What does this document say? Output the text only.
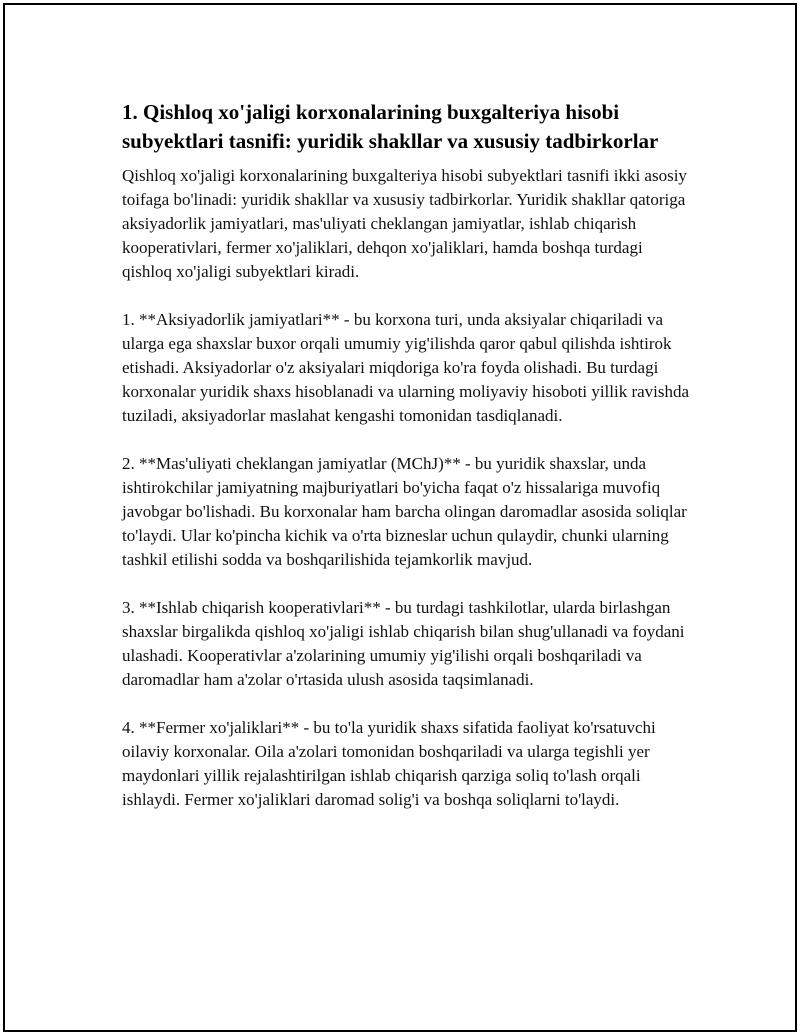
1. Qishloq xo'jaligi korxonalarining buxgalteriya hisobi subyektlari tasnifi: yuridik shakllar va xususiy tadbirkorlar

Qishloq xo'jaligi korxonalarining buxgalteriya hisobi subyektlari tasnifi ikki asosiy toifaga bo'linadi: yuridik shakllar va xususiy tadbirkorlar. Yuridik shakllar qatoriga aksiyadorlik jamiyatlari, mas'uliyati cheklangan jamiyatlar, ishlab chiqarish kooperativlari, fermer xo'jaliklari, dehqon xo'jaliklari, hamda boshqa turdagi qishloq xo'jaligi subyektlari kiradi.

1. **Aksiyadorlik jamiyatlari** - bu korxona turi, unda aksiyalar chiqariladi va ularga ega shaxslar buxor orqali umumiy yig'ilishda qaror qabul qilishda ishtirok etishadi. Aksiyadorlar o'z aksiyalari miqdoriga ko'ra foyda olishadi. Bu turdagi korxonalar yuridik shaxs hisoblanadi va ularning moliyaviy hisoboti yillik ravishda tuziladi, aksiyadorlar maslahat kengashi tomonidan tasdiqlanadi.

2. **Mas'uliyati cheklangan jamiyatlar (MChJ)** - bu yuridik shaxslar, unda ishtirokchilar jamiyatning majburiyatlari bo'yicha faqat o'z hissalariga muvofiq javobgar bo'lishadi. Bu korxonalar ham barcha olingan daromadlar asosida soliqlar to'laydi. Ular ko'pincha kichik va o'rta bizneslar uchun qulaydir, chunki ularning tashkil etilishi sodda va boshqarilishida tejamkorlik mavjud.

3. **Ishlab chiqarish kooperativlari** - bu turdagi tashkilotlar, ularda birlashgan shaxslar birgalikda qishloq xo'jaligi ishlab chiqarish bilan shug'ullanadi va foydani ulashadi. Kooperativlar a'zolarining umumiy yig'ilishi orqali boshqariladi va daromadlar ham a'zolar o'rtasida ulush asosida taqsimlanadi.

4. **Fermer xo'jaliklari** - bu to'la yuridik shaxs sifatida faoliyat ko'rsatuvchi oilaviy korxonalar. Oila a'zolari tomonidan boshqariladi va ularga tegishli yer maydonlari yillik rejalashtirilgan ishlab chiqarish qarziga soliq to'lash orqali ishlaydi. Fermer xo'jaliklari daromad solig'i va boshqa soliqlarni to'laydi.
